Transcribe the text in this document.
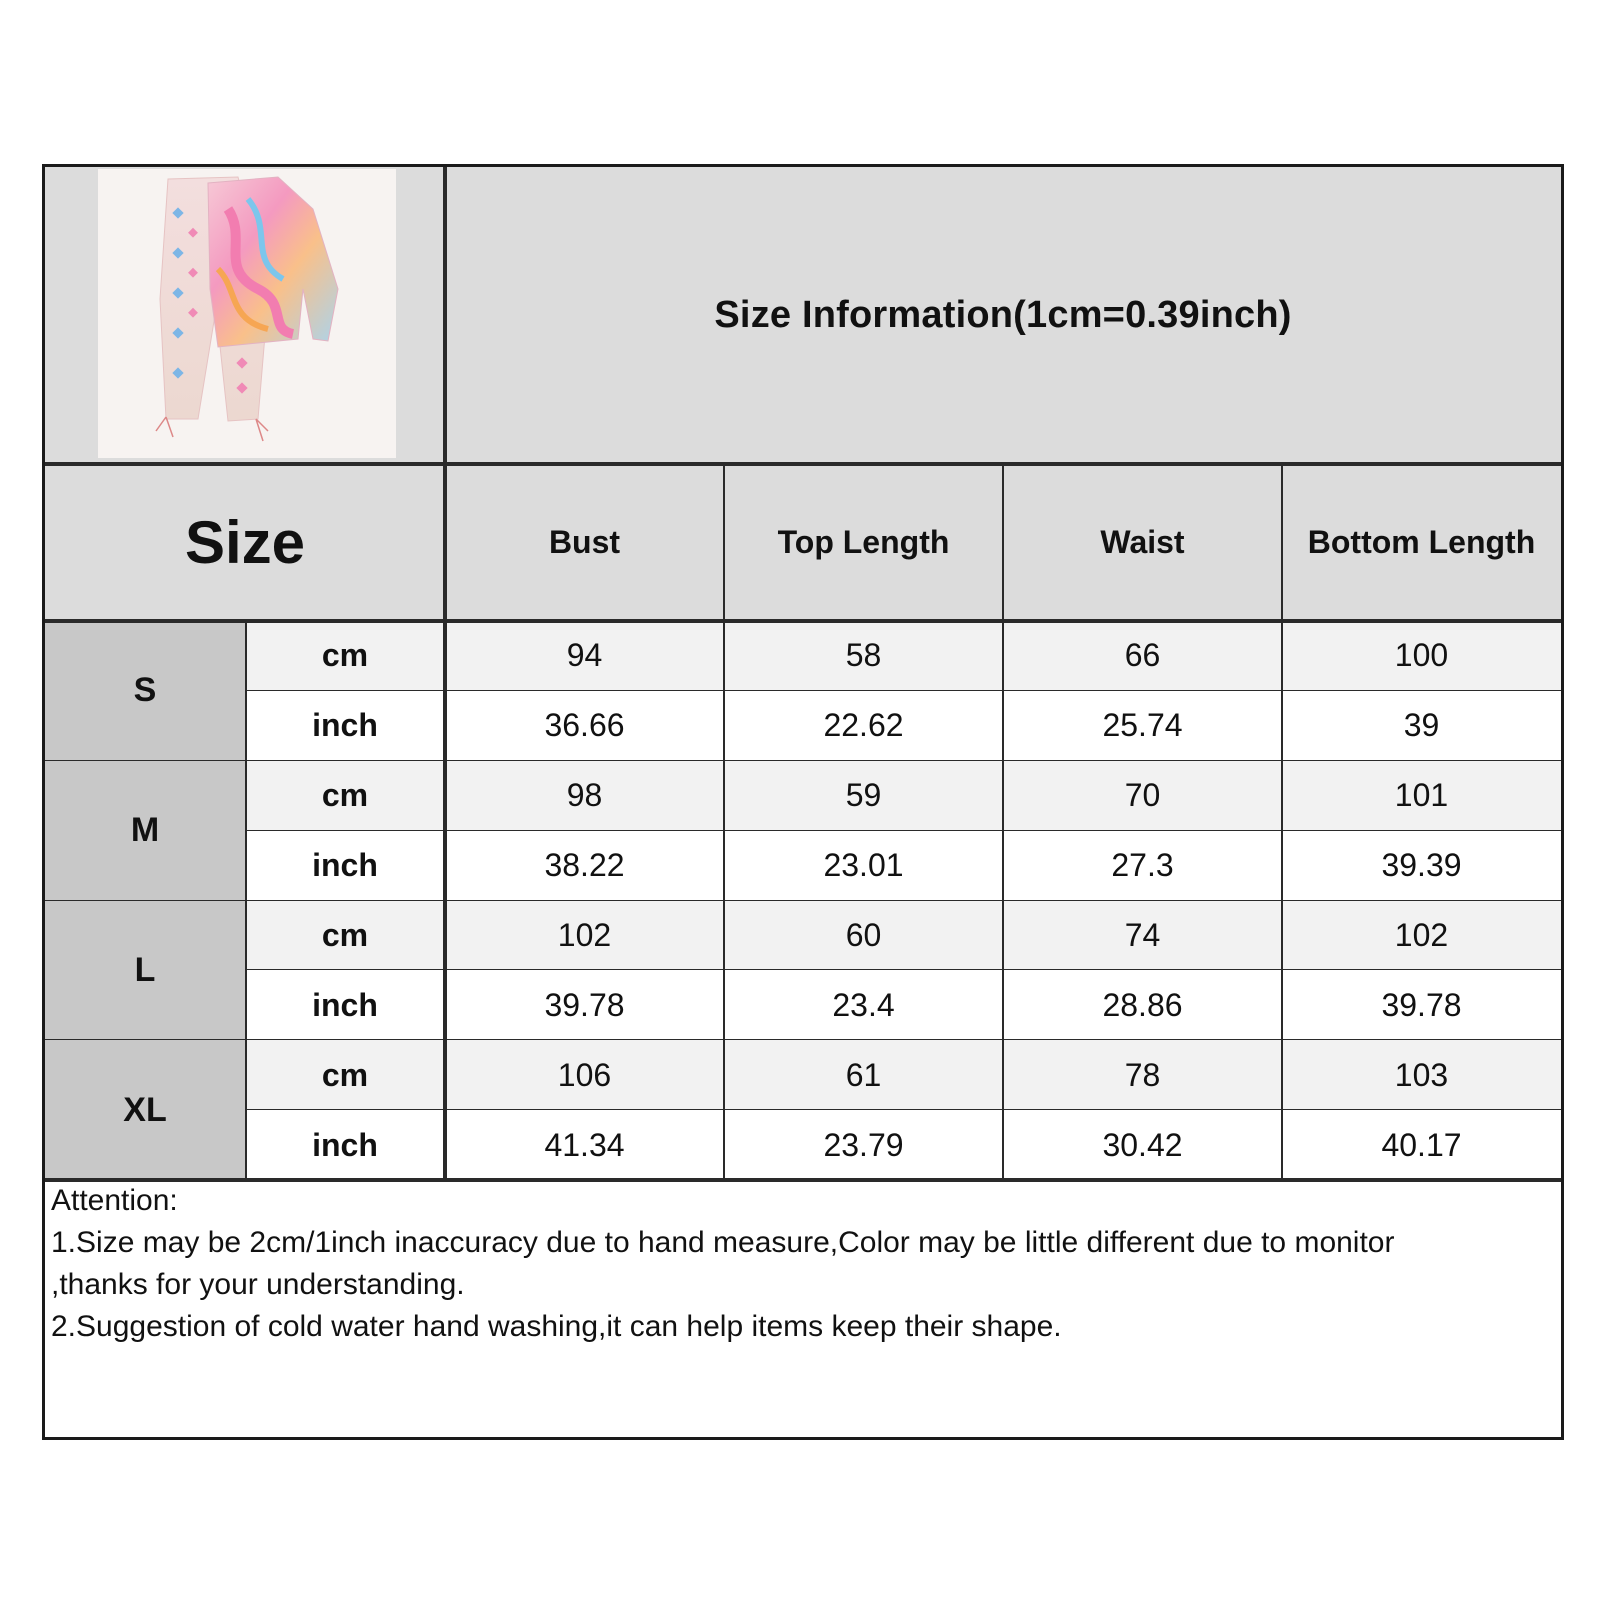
Size Information(1cm=0.39inch)
Size	Bust	Top Length	Waist	Bottom Length
S
cm	94	58	66	100
inch	36.66	22.62	25.74	39
M
cm	98	59	70	101
inch	38.22	23.01	27.3	39.39
L
cm	102	60	74	102
inch	39.78	23.4	28.86	39.78
XL
cm	106	61	78	103
inch	41.34	23.79	30.42	40.17
Attention:
1.Size may be 2cm/1inch inaccuracy due to hand measure,Color may be little different due to monitor
,thanks for your understanding.
2.Suggestion of cold water hand washing,it can help items keep their shape.
